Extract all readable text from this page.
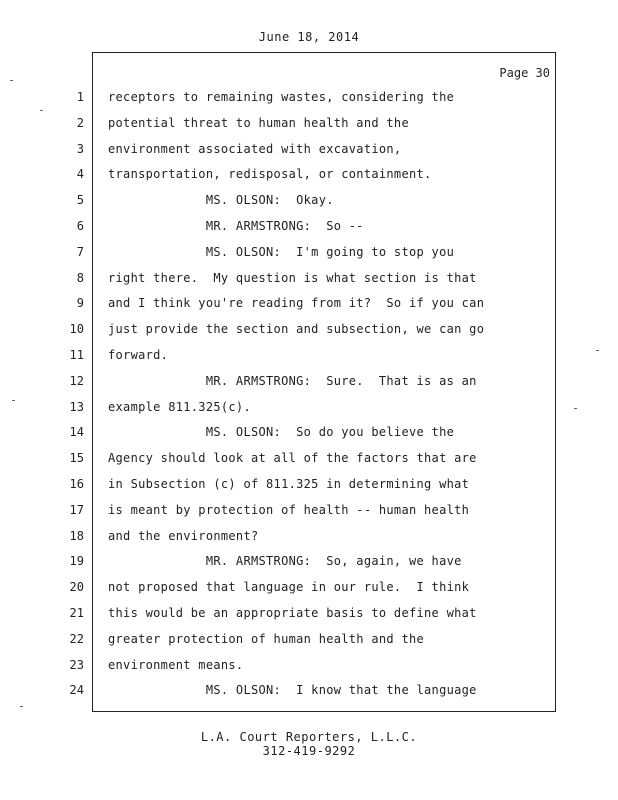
June 18, 2014
Page 30
1 receptors to remaining wastes, considering the
2 potential threat to human health and the
3 environment associated with excavation,
4 transportation, redisposal, or containment.
5 MS. OLSON:  Okay.
6 MR. ARMSTRONG:  So --
7 MS. OLSON:  I'm going to stop you
8 right there.  My question is what section is that
9 and I think you're reading from it?  So if you can
10 just provide the section and subsection, we can go
11 forward.
12 MR. ARMSTRONG:  Sure.  That is as an
13 example 811.325(c).
14 MS. OLSON:  So do you believe the
15 Agency should look at all of the factors that are
16 in Subsection (c) of 811.325 in determining what
17 is meant by protection of health -- human health
18 and the environment?
19 MR. ARMSTRONG:  So, again, we have
20 not proposed that language in our rule.  I think
21 this would be an appropriate basis to define what
22 greater protection of human health and the
23 environment means.
24 MS. OLSON:  I know that the language
L.A. Court Reporters, L.L.C.
312-419-9292
